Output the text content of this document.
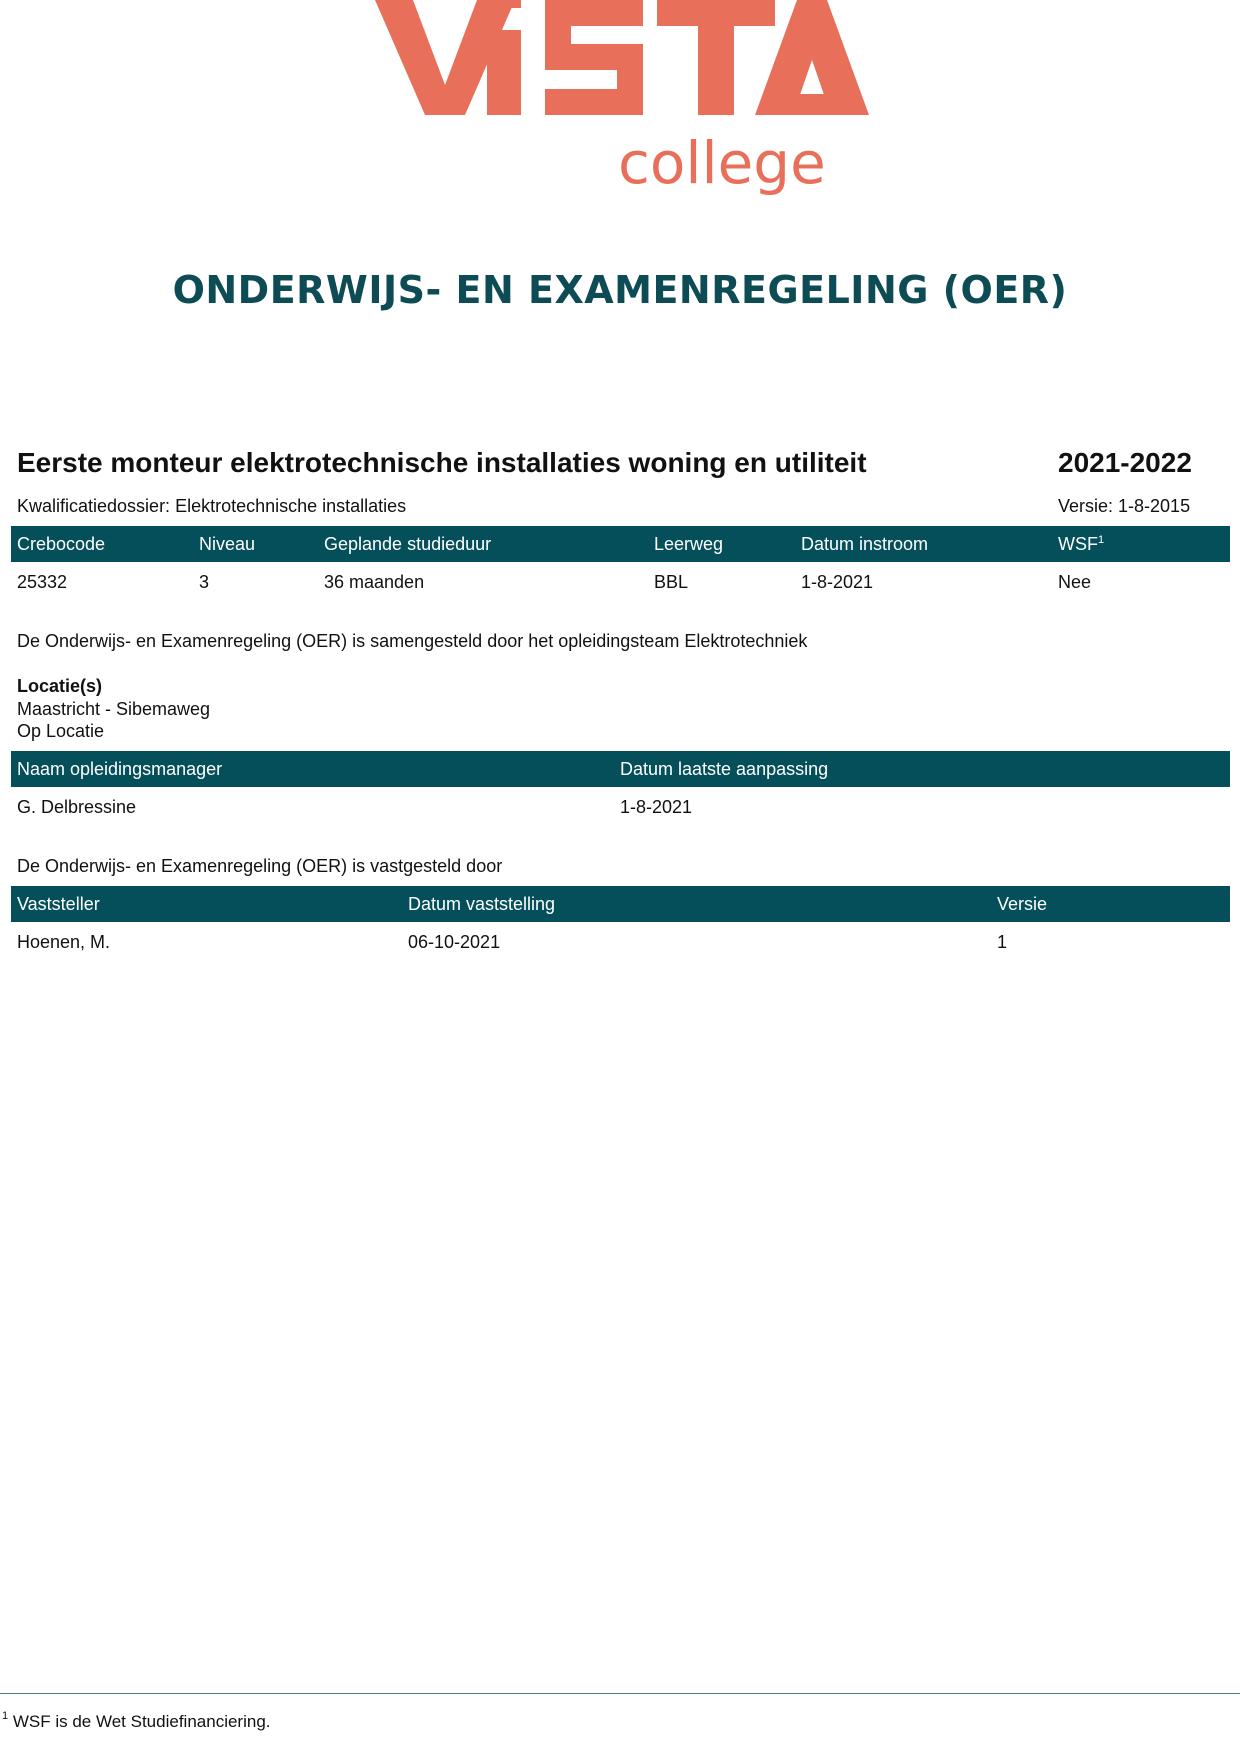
college
ONDERWIJS- EN EXAMENREGELING (OER)
Eerste monteur elektrotechnische installaties woning en utiliteit	2021-2022
Kwalificatiedossier: Elektrotechnische installaties	Versie: 1-8-2015
Crebocode	Niveau	Geplande studieduur	Leerweg	Datum instroom	WSF$^1$
25332	3	36 maanden	BBL	1-8-2021	Nee
De Onderwijs- en Examenregeling (OER) is samengesteld door het opleidingsteam Elektrotechniek
Locatie(s)
Maastricht - Sibemaweg
Op Locatie
Naam opleidingsmanager	Datum laatste aanpassing
G. Delbressine	1-8-2021
De Onderwijs- en Examenregeling (OER) is vastgesteld door
Vaststeller	Datum vaststelling	Versie
Hoenen, M.	06-10-2021	1
$^1$ WSF is de Wet Studiefinanciering.
